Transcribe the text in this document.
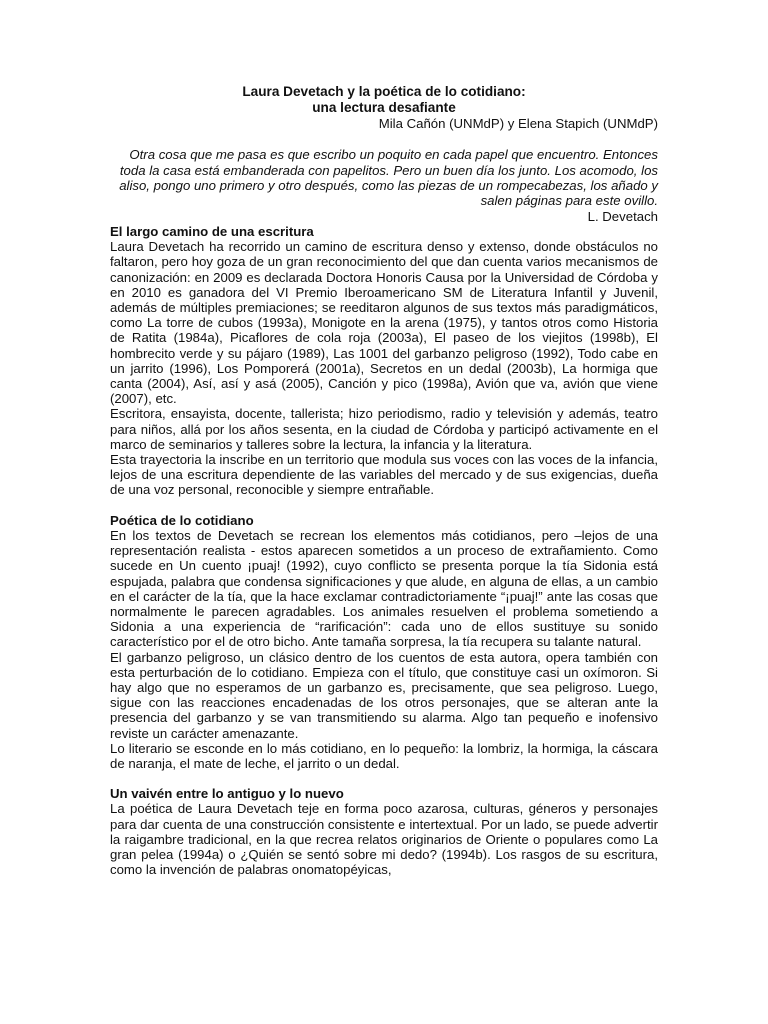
Laura Devetach y la poética de lo cotidiano:
una lectura desafiante
Mila Cañón (UNMdP) y Elena Stapich (UNMdP)
Otra cosa que me pasa es que escribo un poquito en cada papel que encuentro. Entonces toda la casa está embanderada con papelitos. Pero un buen día los junto. Los acomodo, los aliso, pongo uno primero y otro después, como las piezas de un rompecabezas, los añado y salen páginas para este ovillo.
L. Devetach
El largo camino de una escritura

Laura Devetach ha recorrido un camino de escritura denso y extenso, donde obstáculos no faltaron, pero hoy goza de un gran reconocimiento del que dan cuenta varios mecanismos de canonización: en 2009 es declarada Doctora Honoris Causa por la Universidad de Córdoba y en 2010 es ganadora del VI Premio Iberoamericano SM de Literatura Infantil y Juvenil, además de múltiples premiaciones; se reeditaron algunos de sus textos más paradigmáticos, como La torre de cubos (1993a), Monigote en la arena (1975), y tantos otros como Historia de Ratita (1984a), Picaflores de cola roja (2003a), El paseo de los viejitos (1998b), El hombrecito verde y su pájaro (1989), Las 1001 del garbanzo peligroso (1992), Todo cabe en un jarrito (1996), Los Pomporerá (2001a), Secretos en un dedal (2003b), La hormiga que canta (2004), Así, así y asá (2005), Canción y pico (1998a), Avión que va, avión que viene (2007), etc.

Escritora, ensayista, docente, tallerista; hizo periodismo, radio y televisión y además, teatro para niños, allá por los años sesenta, en la ciudad de Córdoba y participó activamente en el marco de seminarios y talleres sobre la lectura, la infancia y la literatura.

Esta trayectoria la inscribe en un territorio que modula sus voces con las voces de la infancia, lejos de una escritura dependiente de las variables del mercado y de sus exigencias, dueña de una voz personal, reconocible y siempre entrañable.

Poética de lo cotidiano

En los textos de Devetach se recrean los elementos más cotidianos, pero –lejos de una representación realista - estos aparecen sometidos a un proceso de extrañamiento. Como sucede en Un cuento ¡puaj! (1992), cuyo conflicto se presenta porque la tía Sidonia está espujada, palabra que condensa significaciones y que alude, en alguna de ellas, a un cambio en el carácter de la tía, que la hace exclamar contradictoriamente “¡puaj!” ante las cosas que normalmente le parecen agradables. Los animales resuelven el problema sometiendo a Sidonia a una experiencia de “rarificación”: cada uno de ellos sustituye su sonido característico por el de otro bicho. Ante tamaña sorpresa, la tía recupera su talante natural.

El garbanzo peligroso, un clásico dentro de los cuentos de esta autora, opera también con esta perturbación de lo cotidiano. Empieza con el título, que constituye casi un oxímoron. Si hay algo que no esperamos de un garbanzo es, precisamente, que sea peligroso. Luego, sigue con las reacciones encadenadas de los otros personajes, que se alteran ante la presencia del garbanzo y se van transmitiendo su alarma. Algo tan pequeño e inofensivo reviste un carácter amenazante.

Lo literario se esconde en lo más cotidiano, en lo pequeño: la lombriz, la hormiga, la cáscara de naranja, el mate de leche, el jarrito o un dedal.

Un vaivén entre lo antiguo y lo nuevo

La poética de Laura Devetach teje en forma poco azarosa, culturas, géneros y personajes para dar cuenta de una construcción consistente e intertextual. Por un lado, se puede advertir la raigambre tradicional, en la que recrea relatos originarios de Oriente o populares como La gran pelea (1994a) o ¿Quién se sentó sobre mi dedo? (1994b). Los rasgos de su escritura, como la invención de palabras onomatopéyicas,
